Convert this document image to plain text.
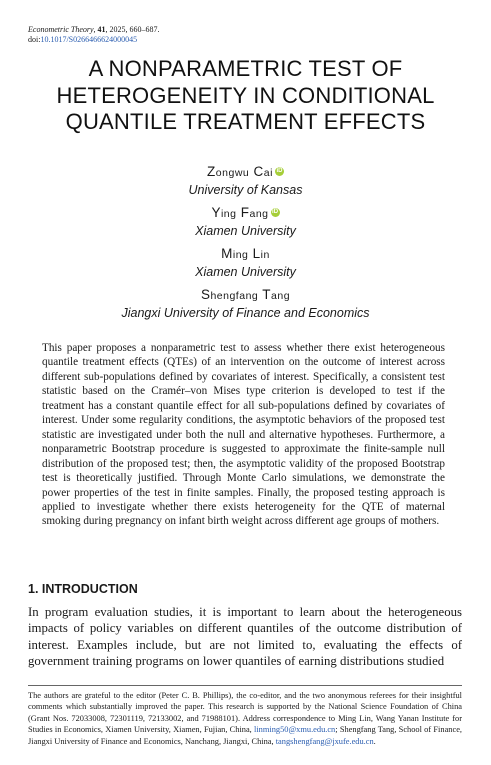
Econometric Theory, 41, 2025, 660–687.
doi:10.1017/S0266466624000045
A NONPARAMETRIC TEST OF
HETEROGENEITY IN CONDITIONAL
QUANTILE TREATMENT EFFECTS
Zongwu Cai iD
University of Kansas
Ying Fang iD
Xiamen University
Ming Lin
Xiamen University
Shengfang Tang
Jiangxi University of Finance and Economics
This paper proposes a nonparametric test to assess whether there exist heterogeneous quantile treatment effects (QTEs) of an intervention on the outcome of interest across different sub-populations defined by covariates of interest. Specifically, a consistent test statistic based on the Cramér–von Mises type criterion is developed to test if the treatment has a constant quantile effect for all sub-populations defined by covariates of interest. Under some regularity conditions, the asymptotic behaviors of the proposed test statistic are investigated under both the null and alternative hypotheses. Furthermore, a nonparametric Bootstrap procedure is suggested to approximate the finite-sample null distribution of the proposed test; then, the asymptotic validity of the proposed Bootstrap test is theoretically justified. Through Monte Carlo simulations, we demonstrate the power properties of the test in finite samples. Finally, the proposed testing approach is applied to investigate whether there exists heterogeneity for the QTE of maternal smoking during pregnancy on infant birth weight across different age groups of mothers.
1. INTRODUCTION
In program evaluation studies, it is important to learn about the heterogeneous impacts of policy variables on different quantiles of the outcome distribution of interest. Examples include, but are not limited to, evaluating the effects of government training programs on lower quantiles of earning distributions studied
The authors are grateful to the editor (Peter C. B. Phillips), the co-editor, and the two anonymous referees for their insightful comments which substantially improved the paper. This research is supported by the National Science Foundation of China (Grant Nos. 72033008, 72301119, 72133002, and 71988101). Address correspondence to Ming Lin, Wang Yanan Institute for Studies in Economics, Xiamen University, Xiamen, Fujian, China, linming50@xmu.edu.cn; Shengfang Tang, School of Finance, Jiangxi University of Finance and Economics, Nanchang, Jiangxi, China, tangshengfang@jxufe.edu.cn.
